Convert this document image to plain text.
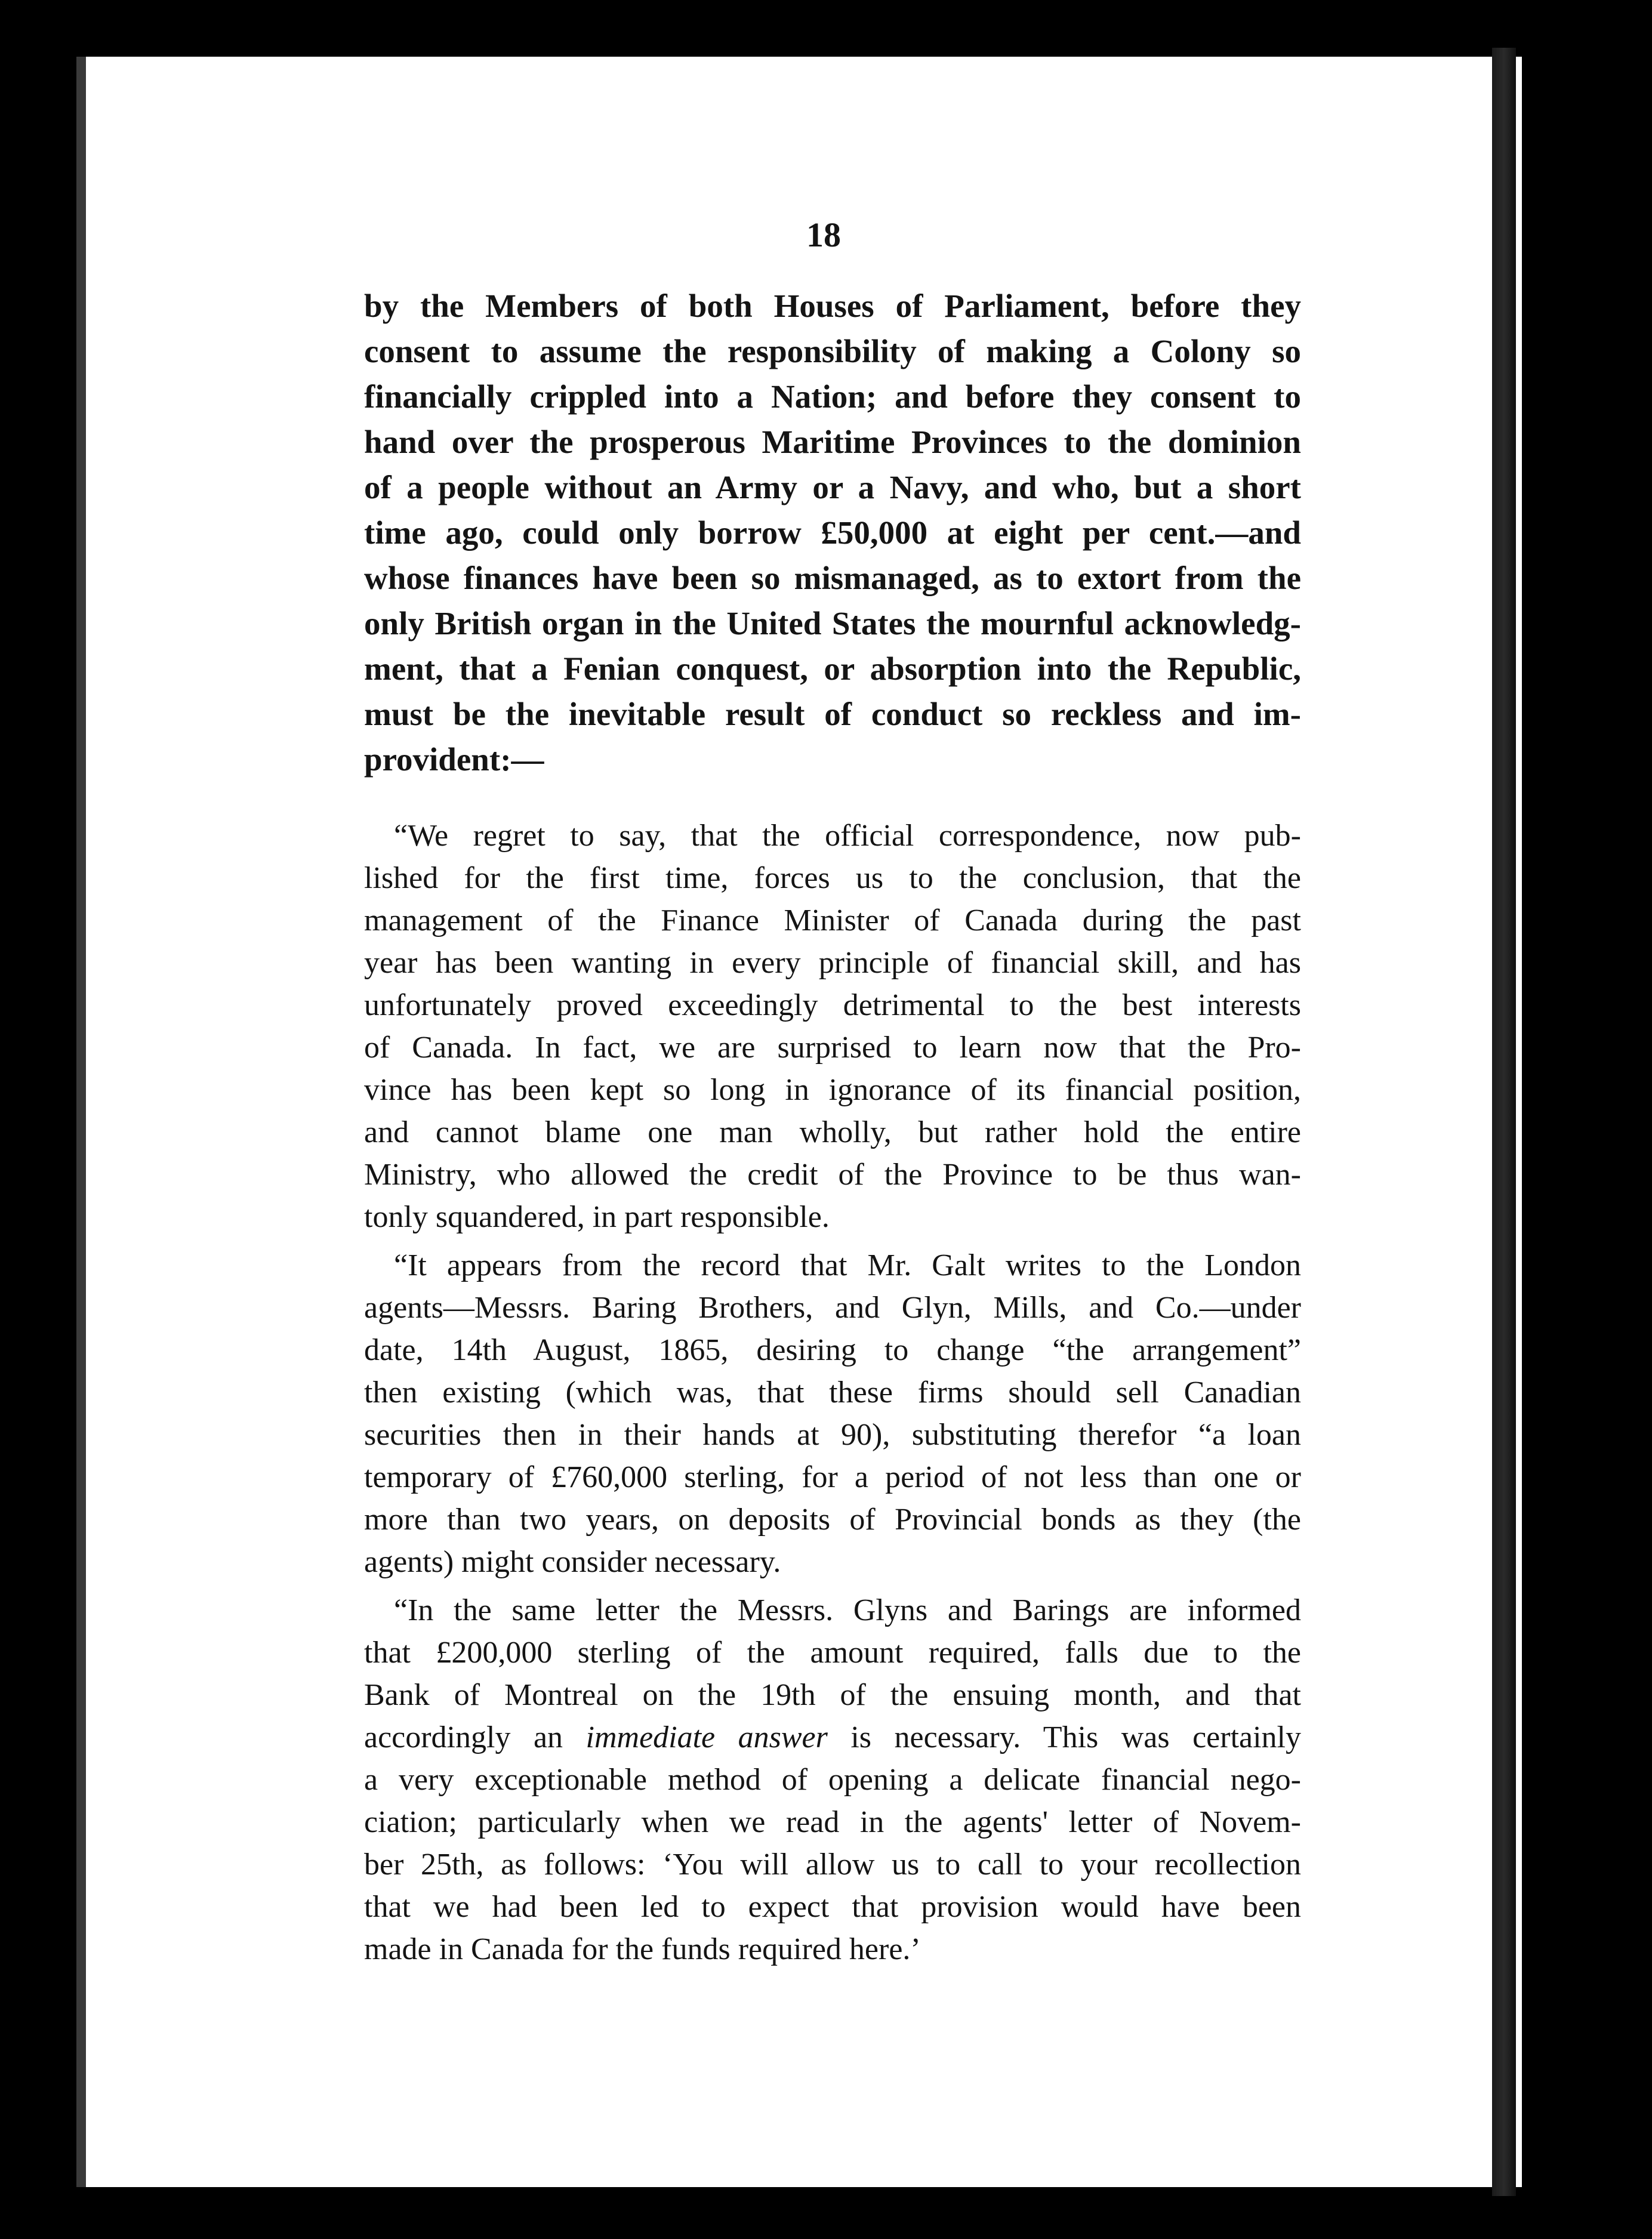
18
by the Members of both Houses of Parliament, before they
consent to assume the responsibility of making a Colony so
financially crippled into a Nation; and before they consent to
hand over the prosperous Maritime Provinces to the dominion
of a people without an Army or a Navy, and who, but a short
time ago, could only borrow £50,000 at eight per cent.—and
whose finances have been so mismanaged, as to extort from the
only British organ in the United States the mournful acknowledg-
ment, that a Fenian conquest, or absorption into the Republic,
must be the inevitable result of conduct so reckless and im-
provident:—
“We regret to say, that the official correspondence, now pub-
lished for the first time, forces us to the conclusion, that the
management of the Finance Minister of Canada during the past
year has been wanting in every principle of financial skill, and has
unfortunately proved exceedingly detrimental to the best interests
of Canada. In fact, we are surprised to learn now that the Pro-
vince has been kept so long in ignorance of its financial position,
and cannot blame one man wholly, but rather hold the entire
Ministry, who allowed the credit of the Province to be thus wan-
tonly squandered, in part responsible.
“It appears from the record that Mr. Galt writes to the London
agents—Messrs. Baring Brothers, and Glyn, Mills, and Co.—under
date, 14th August, 1865, desiring to change “the arrangement”
then existing (which was, that these firms should sell Canadian
securities then in their hands at 90), substituting therefor “a loan
temporary of £760,000 sterling, for a period of not less than one or
more than two years, on deposits of Provincial bonds as they (the
agents) might consider necessary.
“In the same letter the Messrs. Glyns and Barings are informed
that £200,000 sterling of the amount required, falls due to the
Bank of Montreal on the 19th of the ensuing month, and that
accordingly an immediate answer is necessary. This was certainly
a very exceptionable method of opening a delicate financial nego-
ciation; particularly when we read in the agents' letter of Novem-
ber 25th, as follows: ‘You will allow us to call to your recollection
that we had been led to expect that provision would have been
made in Canada for the funds required here.’
